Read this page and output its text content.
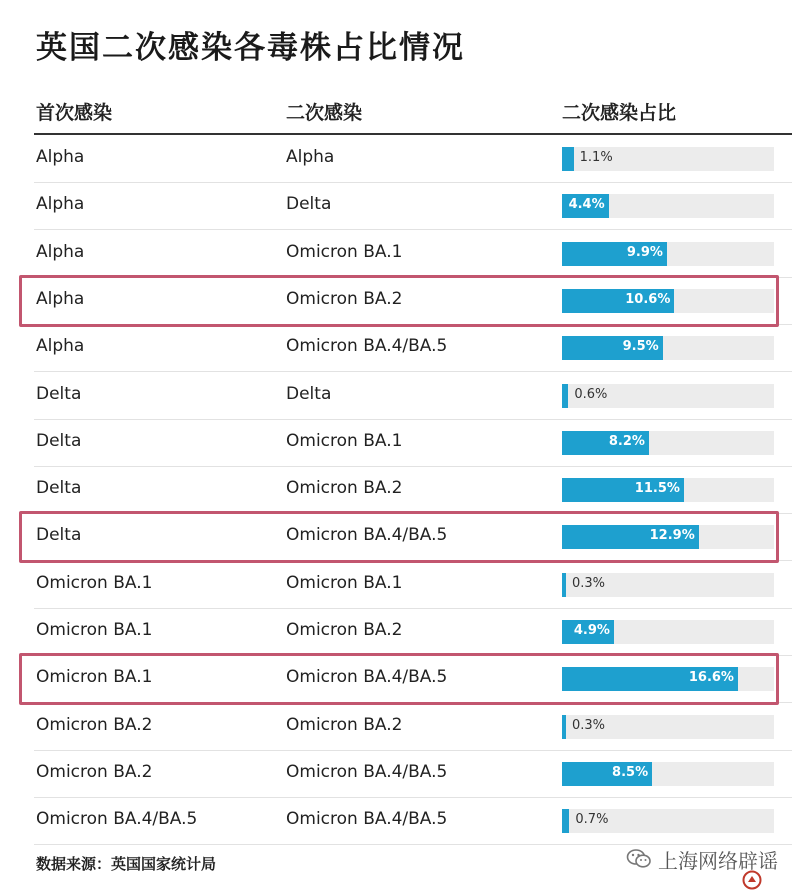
英国二次感染各毒株占比情况
首次感染	二次感染	二次感染占比
Alpha	Alpha	1.1%
Alpha	Delta	4.4%
Alpha	Omicron BA.1	9.9%
Alpha	Omicron BA.2	10.6%
Alpha	Omicron BA.4/BA.5	9.5%
Delta	Delta	0.6%
Delta	Omicron BA.1	8.2%
Delta	Omicron BA.2	11.5%
Delta	Omicron BA.4/BA.5	12.9%
Omicron BA.1	Omicron BA.1	0.3%
Omicron BA.1	Omicron BA.2	4.9%
Omicron BA.1	Omicron BA.4/BA.5	16.6%
Omicron BA.2	Omicron BA.2	0.3%
Omicron BA.2	Omicron BA.4/BA.5	8.5%
Omicron BA.4/BA.5	Omicron BA.4/BA.5	0.7%
数据来源：英国国家统计局	上海网络辟谣
